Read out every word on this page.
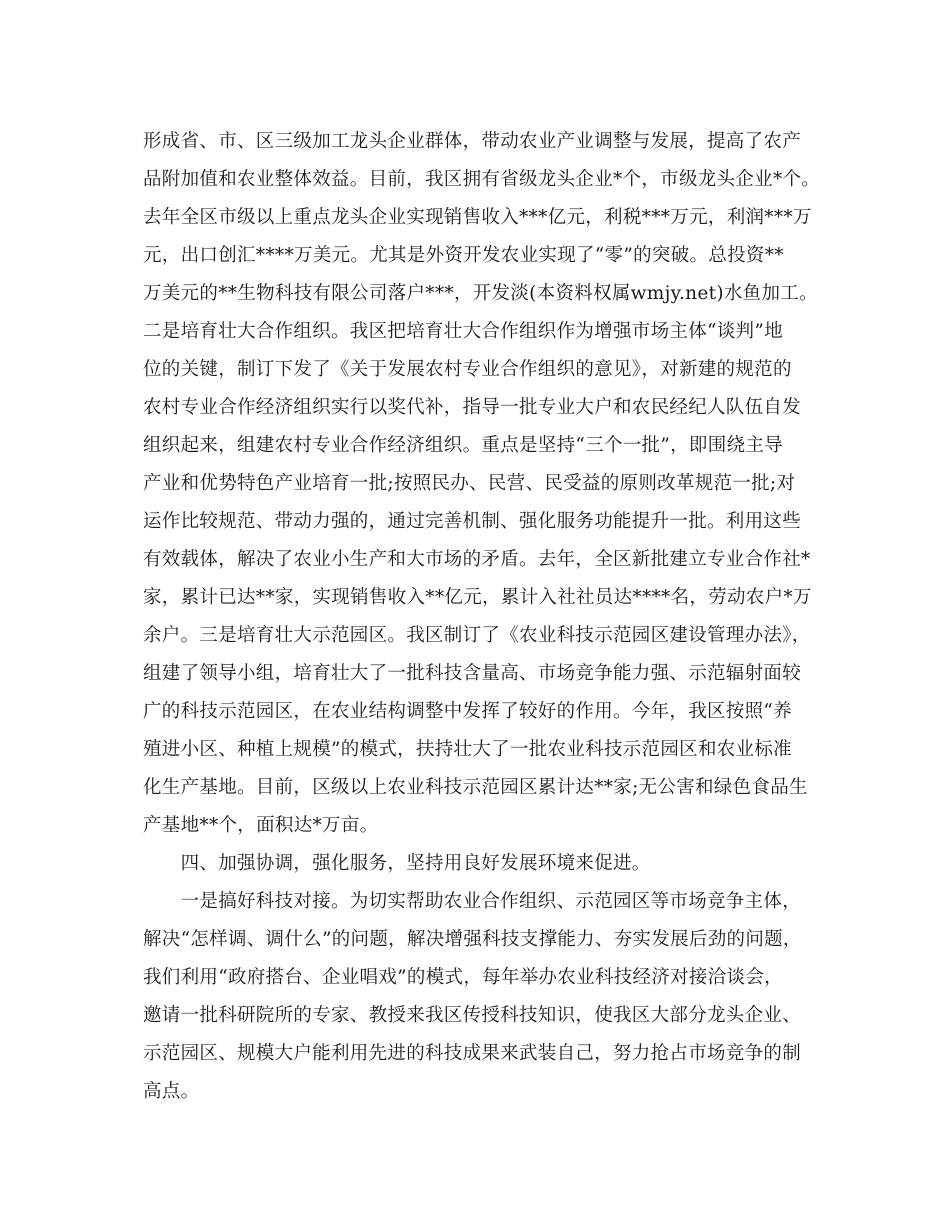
形成省、市、区三级加工龙头企业群体，带动农业产业调整与发展，提高了农产
品附加值和农业整体效益。目前，我区拥有省级龙头企业*个，市级龙头企业*个。
去年全区市级以上重点龙头企业实现销售收入***亿元，利税***万元，利润***万
元，出口创汇****万美元。尤其是外资开发农业实现了“零”的突破。总投资**
万美元的**生物科技有限公司落户***，开发淡(本资料权属wmjy.net)水鱼加工。
二是培育壮大合作组织。我区把培育壮大合作组织作为增强市场主体“谈判”地
位的关键，制订下发了《关于发展农村专业合作组织的意见》，对新建的规范的
农村专业合作经济组织实行以奖代补，指导一批专业大户和农民经纪人队伍自发
组织起来，组建农村专业合作经济组织。重点是坚持“三个一批”，即围绕主导
产业和优势特色产业培育一批;按照民办、民营、民受益的原则改革规范一批;对
运作比较规范、带动力强的，通过完善机制、强化服务功能提升一批。利用这些
有效载体，解决了农业小生产和大市场的矛盾。去年，全区新批建立专业合作社*
家，累计已达**家，实现销售收入**亿元，累计入社社员达****名，劳动农户*万
余户。三是培育壮大示范园区。我区制订了《农业科技示范园区建设管理办法》，
组建了领导小组，培育壮大了一批科技含量高、市场竞争能力强、示范辐射面较
广的科技示范园区，在农业结构调整中发挥了较好的作用。今年，我区按照“养
殖进小区、种植上规模”的模式，扶持壮大了一批农业科技示范园区和农业标准
化生产基地。目前，区级以上农业科技示范园区累计达**家;无公害和绿色食品生
产基地**个，面积达*万亩。
　　四、加强协调，强化服务，坚持用良好发展环境来促进。
　　一是搞好科技对接。为切实帮助农业合作组织、示范园区等市场竞争主体，
解决“怎样调、调什么”的问题，解决增强科技支撑能力、夯实发展后劲的问题，
我们利用“政府搭台、企业唱戏”的模式，每年举办农业科技经济对接洽谈会，
邀请一批科研院所的专家、教授来我区传授科技知识，使我区大部分龙头企业、
示范园区、规模大户能利用先进的科技成果来武装自己，努力抢占市场竞争的制
高点。
